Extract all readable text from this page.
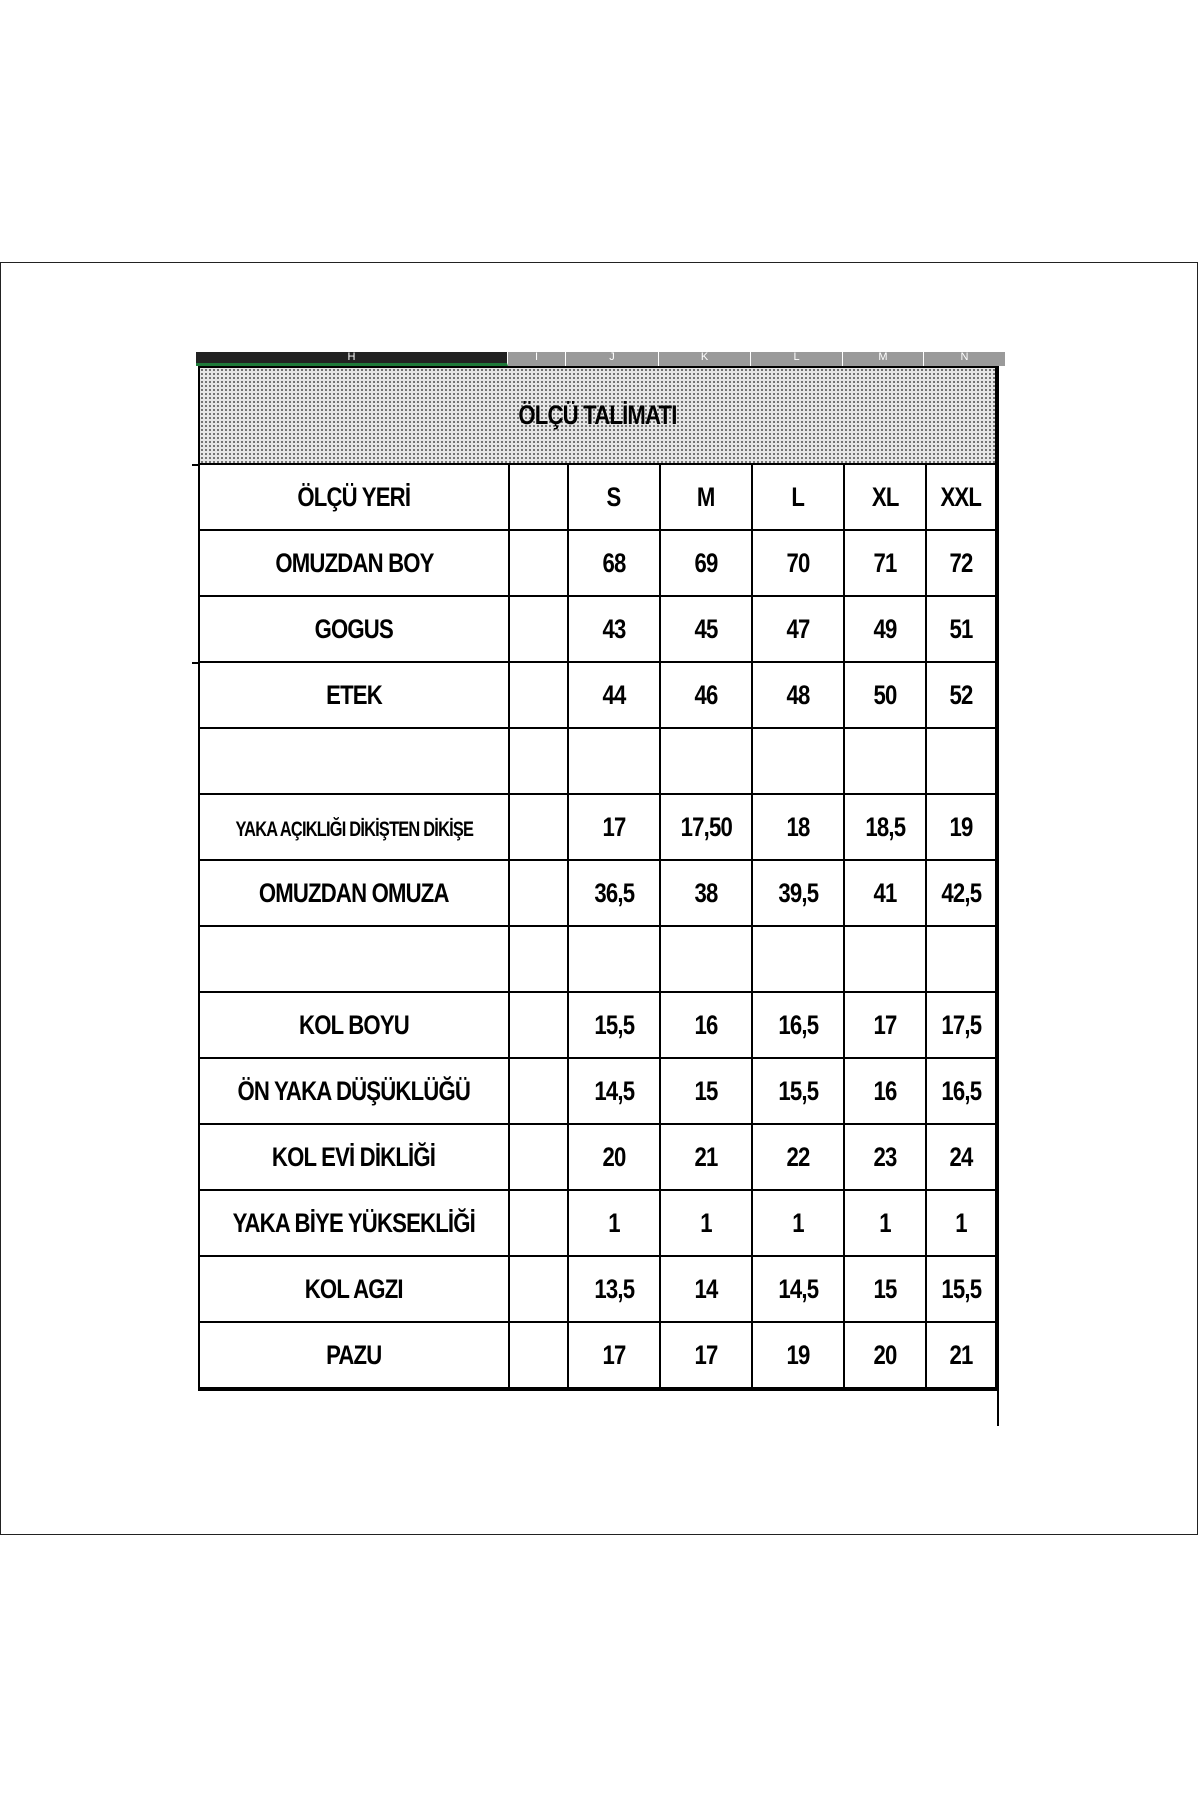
H	I	J	K	L	M	N
ÖLÇÜ TALİMATI						
ÖLÇÜ YERİ		S	M	L	XL	XXL
OMUZDAN BOY		68	69	70	71	72
GOGUS		43	45	47	49	51
ETEK		44	46	48	50	52

YAKA AÇIKLIĞI DİKİŞTEN DİKİŞE		17	17,50	18	18,5	19
OMUZDAN OMUZA		36,5	38	39,5	41	42,5

KOL BOYU		15,5	16	16,5	17	17,5
ÖN YAKA DÜŞÜKLÜĞÜ		14,5	15	15,5	16	16,5
KOL EVİ DİKLİĞİ		20	21	22	23	24
YAKA BİYE YÜKSEKLİĞİ		1	1	1	1	1
KOL AGZI		13,5	14	14,5	15	15,5
PAZU		17	17	19	20	21
